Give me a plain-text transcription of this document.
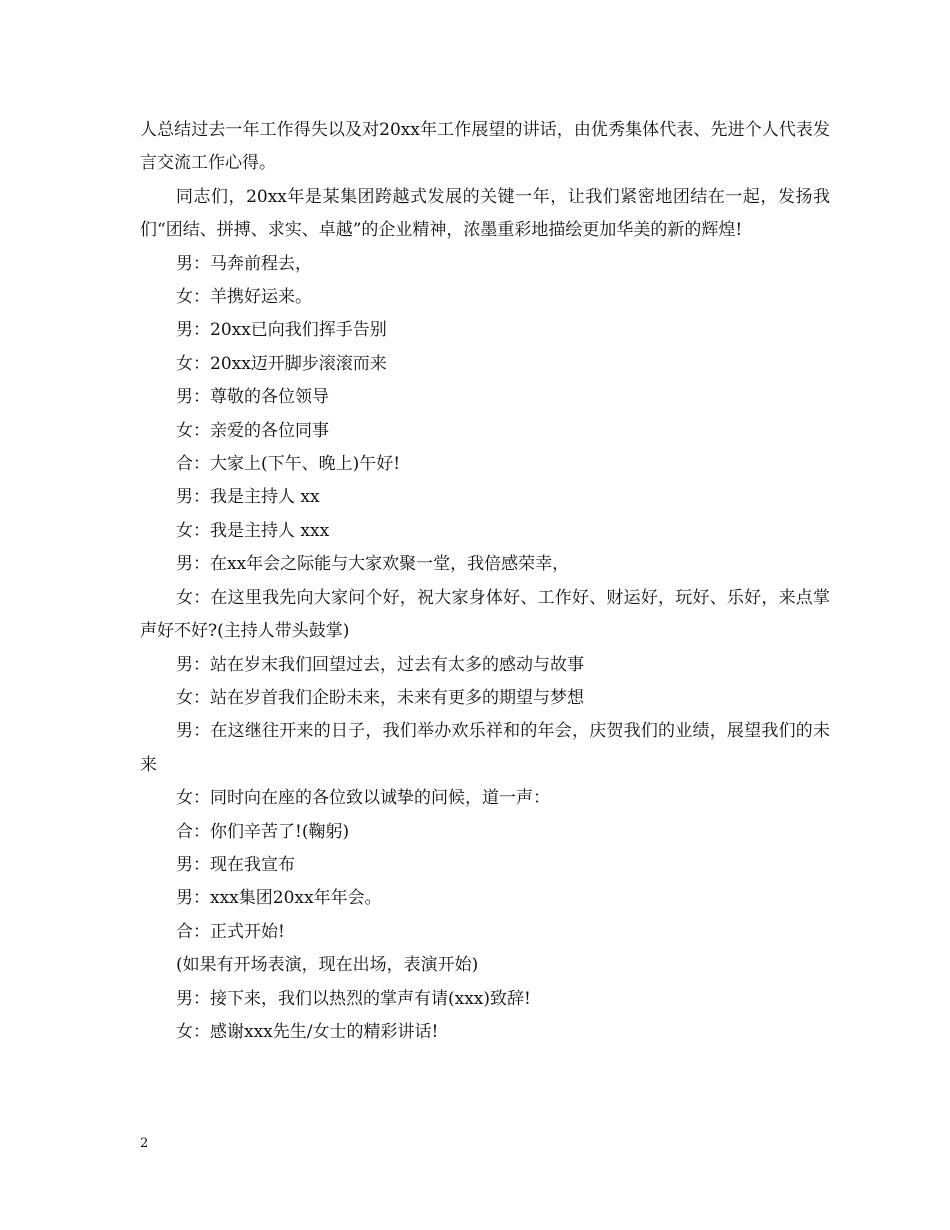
人总结过去一年工作得失以及对20xx年工作展望的讲话，由优秀集体代表、先进个人代表发言交流工作心得。

同志们，20xx年是某集团跨越式发展的关键一年，让我们紧密地团结在一起，发扬我们“团结、拼搏、求实、卓越”的企业精神，浓墨重彩地描绘更加华美的新的辉煌!

男：马奔前程去，

女：羊携好运来。

男：20xx已向我们挥手告别

女：20xx迈开脚步滚滚而来

男：尊敬的各位领导

女：亲爱的各位同事

合：大家上(下午、晚上)午好!

男：我是主持人 xx

女：我是主持人 xxx

男：在xx年会之际能与大家欢聚一堂，我倍感荣幸，

女：在这里我先向大家问个好，祝大家身体好、工作好、财运好，玩好、乐好，来点掌声好不好?(主持人带头鼓掌)

男：站在岁末我们回望过去，过去有太多的感动与故事

女：站在岁首我们企盼未来，未来有更多的期望与梦想

男：在这继往开来的日子，我们举办欢乐祥和的年会，庆贺我们的业绩，展望我们的未来

女：同时向在座的各位致以诚挚的问候，道一声：

合：你们辛苦了!(鞠躬)

男：现在我宣布

男：xxx集团20xx年年会。

合：正式开始!

(如果有开场表演，现在出场，表演开始)

男：接下来，我们以热烈的掌声有请(xxx)致辞!

女：感谢xxx先生/女士的精彩讲话!

2
